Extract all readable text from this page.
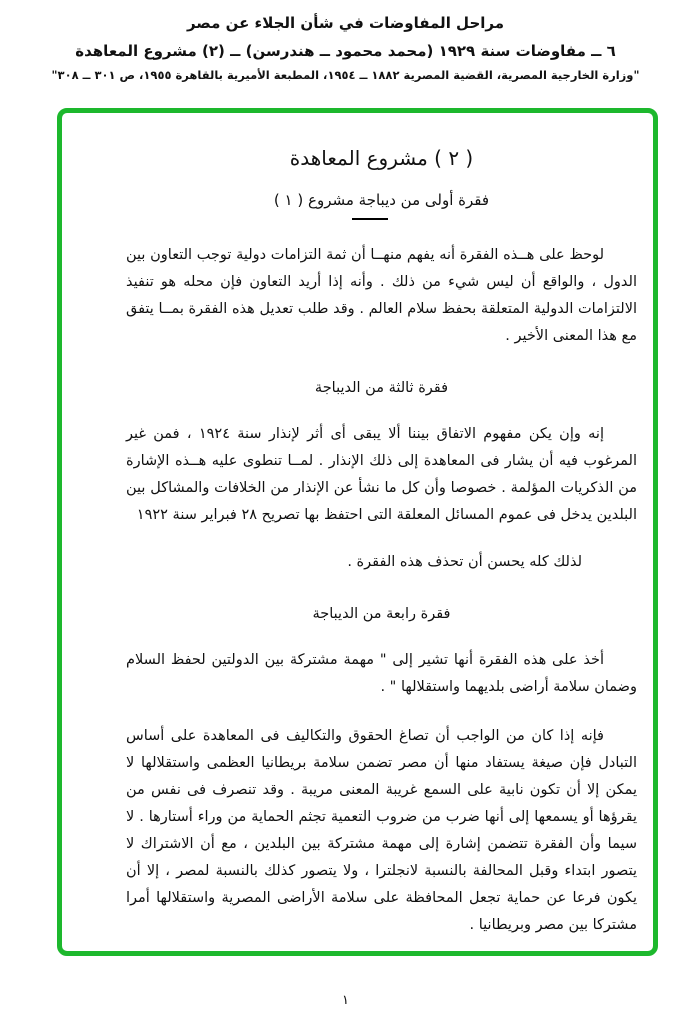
مراحل المفاوضات في شأن الجلاء عن مصر
٦ ــ مفاوضات سنة ١٩٢٩ (محمد محمود ــ هندرسن) ــ (٢) مشروع المعاهدة
"وزارة الخارجية المصرية، القضية المصرية ١٨٨٢ ــ ١٩٥٤، المطبعة الأميرية بالقاهرة ١٩٥٥، ص ٣٠١ ــ ٣٠٨"
( ٢ ) مشروع المعاهدة
فقرة أولى من ديباجة مشروع ( ١ )

لوحظ على هــذه الفقرة أنه يفهم منهــا أن ثمة التزامات دولية توجب التعاون بين الدول ، والواقع أن ليس شيء من ذلك . وأنه إذا أريد التعاون فإن محله هو تنفيذ الالتزامات الدولية المتعلقة بحفظ سلام العالم . وقد طلب تعديل هذه الفقرة بمــا يتفق مع هذا المعنى الأخير .

فقرة ثالثة من الديباجة

إنه وإن يكن مفهوم الاتفاق بيننا ألا يبقى أى أثر لإنذار سنة ١٩٢٤ ، فمن غير المرغوب فيه أن يشار فى المعاهدة إلى ذلك الإنذار . لمــا تنطوى عليه هــذه الإشارة من الذكريات المؤلمة . خصوصا وأن كل ما نشأ عن الإنذار من الخلافات والمشاكل بين البلدين يدخل فى عموم المسائل المعلقة التى احتفظ بها تصريح ٢٨ فبراير سنة ١٩٢٢

لذلك كله يحسن أن تحذف هذه الفقرة .

فقرة رابعة من الديباجة

أخذ على هذه الفقرة أنها تشير إلى " مهمة مشتركة بين الدولتين لحفظ السلام وضمان سلامة أراضى بلديهما واستقلالها " .

فإنه إذا كان من الواجب أن تصاغ الحقوق والتكاليف فى المعاهدة على أساس التبادل فإن صيغة يستفاد منها أن مصر تضمن سلامة بريطانيا العظمى واستقلالها لا يمكن إلا أن تكون نابية على السمع غريبة المعنى مريبة . وقد تنصرف فى نفس من يقرؤها أو يسمعها إلى أنها ضرب من ضروب التعمية تجثم الحماية من وراء أستارها . لا سيما وأن الفقرة تتضمن إشارة إلى مهمة مشتركة بين البلدين ، مع أن الاشتراك لا يتصور ابتداء وقبل المحالفة بالنسبة لانجلترا ، ولا يتصور كذلك بالنسبة لمصر ، إلا أن يكون فرعا عن حماية تجعل المحافظة على سلامة الأراضى المصرية واستقلالها أمرا مشتركا بين مصر وبريطانيا .

١
